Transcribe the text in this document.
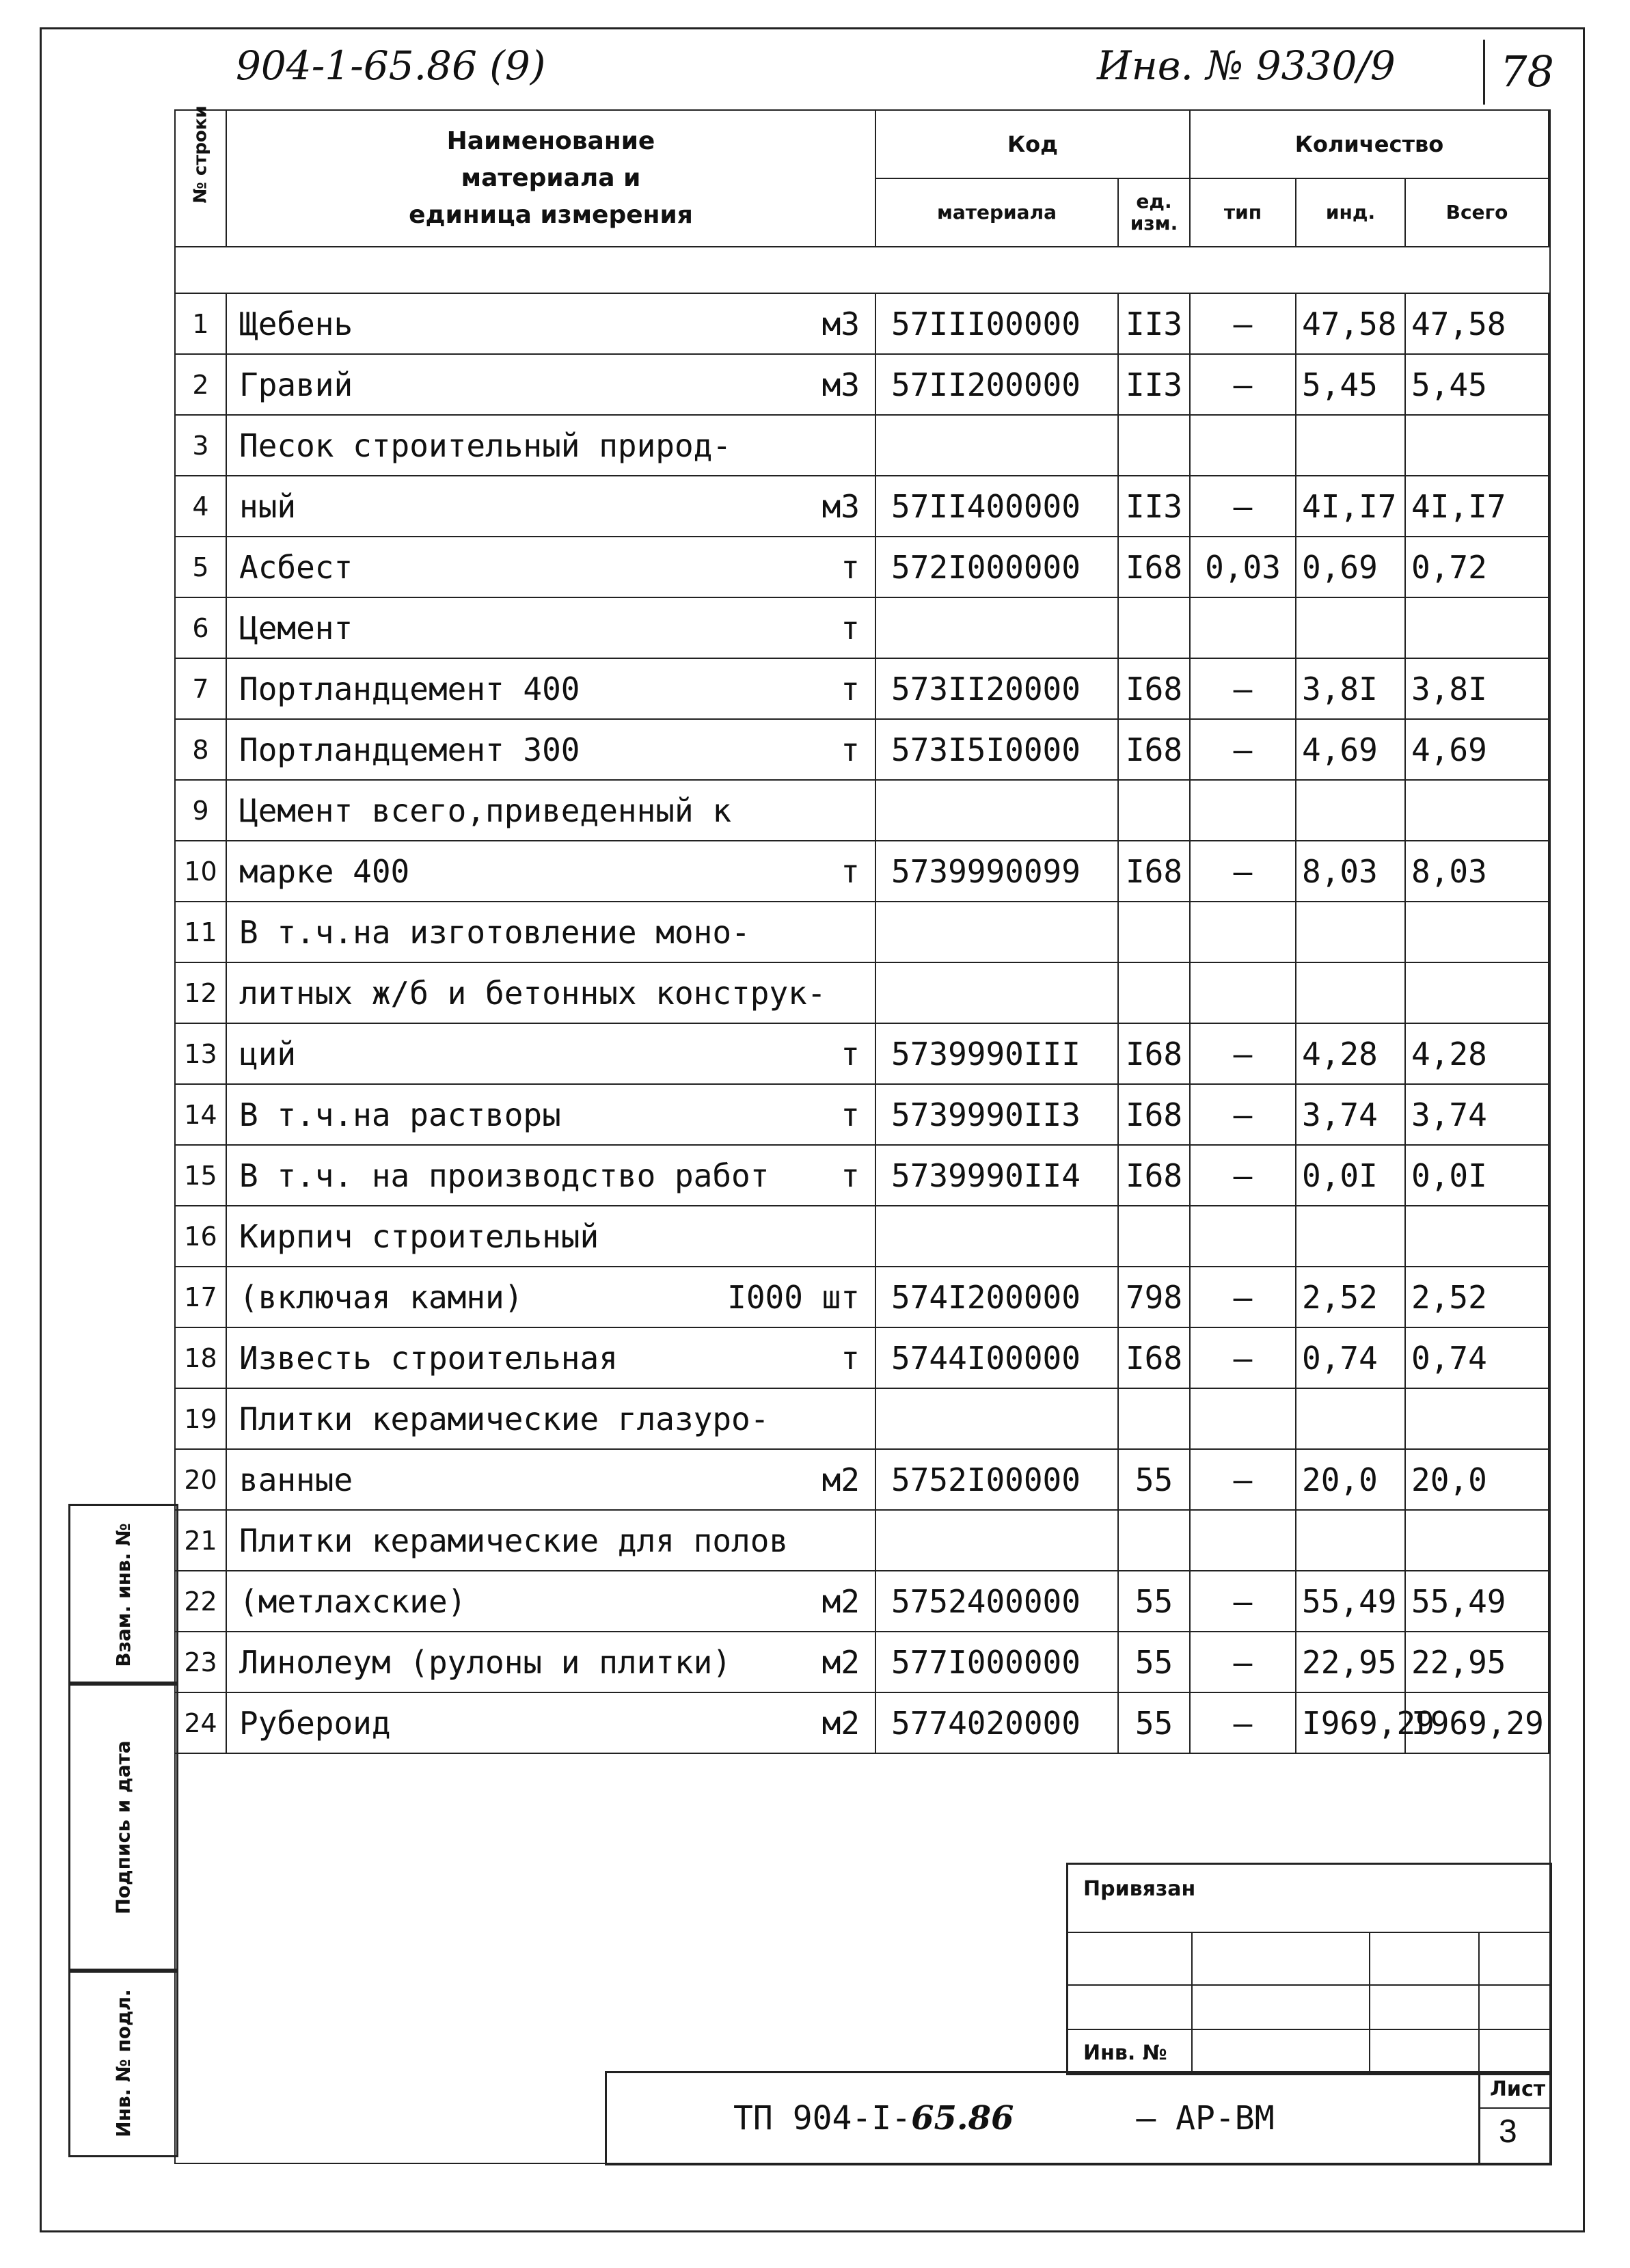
904-1-65.86 (9)	Инв. № 9330/9 78
№ строки	Наименование материала и единица измерения	Код		Количество		
		материала	ед. изм.	тип	инд.	Всего

1	Щебень м3	57III00000	II3	–	47,58	47,58
2	Гравий м3	57II200000	II3	–	5,45	5,45
3	Песок строительный природ-					

4	ный м3	57II400000	II3	–	4I,I7	4I,I7
5	Асбест т	572I000000	I68	0,03	0,69	0,72
6	Цемент т					

7	Портландцемент 400 т	573II20000	I68	–	3,8I	3,8I
8	Портландцемент 300 т	573I5I0000	I68	–	4,69	4,69
9	Цемент всего,приведенный к					

10	марке 400 т	5739990099	I68	–	8,03	8,03
11	В т.ч.на изготовление моно-					

12	литных ж/б и бетонных конструк-					

13	ций т	5739990III	I68	–	4,28	4,28
14	В т.ч.на растворы т	5739990II3	I68	–	3,74	3,74
15	В т.ч. на производство работ т	5739990II4	I68	–	0,0I	0,0I
16	Кирпич строительный					

17	(включая камни) I000 шт	574I200000	798	–	2,52	2,52
18	Известь строительная т	5744I00000	I68	–	0,74	0,74
19	Плитки керамические глазуро-					

20	ванные м2	5752I00000	55	–	20,0	20,0
21	Плитки керамические для полов					

22	(метлахские) м2	5752400000	55	–	55,49	55,49
23	Линолеум (рулоны и плитки) м2	577I000000	55	–	22,95	22,95
24	Рубероид м2	5774020000	55	–	I969,29	I969,29
Взам. инв. №
Подпись и дата
Инв. № подл.
Привязан
Инв. №
ТП 904-I-65.86	– АР-ВМ
Лист
3
